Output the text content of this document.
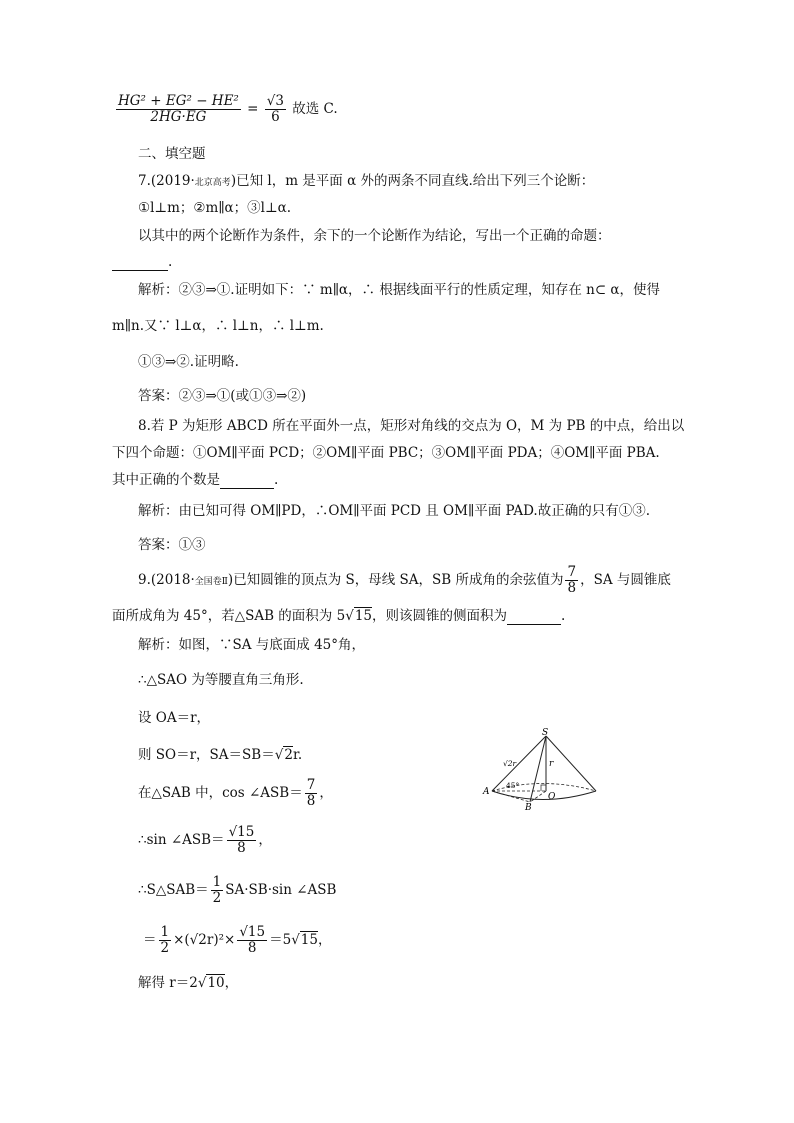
$\frac{\text{HG² + EG² − HE²}}{2HG\cdot EG} = \frac{√3}{6}$ 故选 C.
二、填空题
7.(2019·北京高考)已知 l，m 是平面 α 外的两条不同直线.给出下列三个论断：
①l⊥m；②m∥α；③l⊥α.
以其中的两个论断作为条件，余下的一个论断作为结论，写出一个正确的命题：
.
解析：②③⇒①.证明如下：∵ m∥α，∴ 根据线面平行的性质定理，知存在 n⊂ α，使得
m∥n.又∵ l⊥α，∴ l⊥n，∴ l⊥m.
①③⇒②.证明略.
答案：②③⇒①(或①③⇒②)
8.若 P 为矩形 ABCD 所在平面外一点，矩形对角线的交点为 O，M 为 PB 的中点，给出以
下四个命题：①OM∥平面 PCD；②OM∥平面 PBC；③OM∥平面 PDA；④OM∥平面 PBA.
其中正确的个数是	.
解析：由已知可得 OM∥PD，∴OM∥平面 PCD 且 OM∥平面 PAD.故正确的只有①③.
答案：①③
9.(2018·全国卷Ⅱ)已知圆锥的顶点为 S，母线 SA，SB 所成角的余弦值为 $\frac{7}{8}$ ，SA 与圆锥底
面所成角为 45°，若△SAB 的面积为 5√15，则该圆锥的侧面积为	.
解析：如图，∵SA 与底面成 45°角，
∴△SAO 为等腰直角三角形.
设 OA＝r，
则 SO＝r，SA＝SB＝√2r.
在△SAB 中，cos ∠ASB＝ $\frac{7}{8}$ ，
∴sin ∠ASB＝ $\frac{√15}{8}$ ，
∴S△SAB＝ $\frac{1}{2} SA\cdot SB\cdot\sin$ ∠ASB
＝ $\frac{1}{2} \times(√2r)^2\times \frac{√15}{8} =5√15$，
解得 r＝2√10，
S
A
B
O
r
√2r
45°
